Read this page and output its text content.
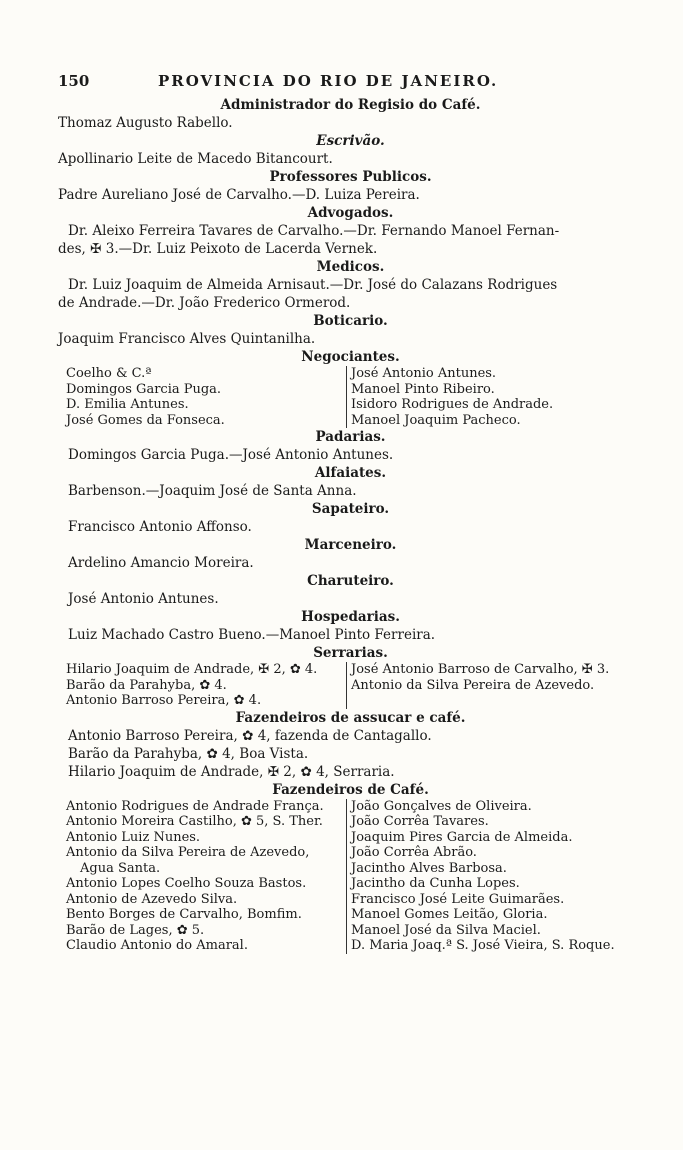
150	PROVINCIA DO RIO DE JANEIRO.
Administrador do Regisio do Café.
Thomaz Augusto Rabello.
Escrivão.
Apollinario Leite de Macedo Bitancourt.
Professores Publicos.
Padre Aureliano José de Carvalho.—D. Luiza Pereira.
Advogados.
Dr. Aleixo Ferreira Tavares de Carvalho.—Dr. Fernando Manoel Fernan-
des, ✠ 3.—Dr. Luiz Peixoto de Lacerda Vernek.
Medicos.
Dr. Luiz Joaquim de Almeida Arnisaut.—Dr. José do Calazans Rodrigues
de Andrade.—Dr. João Frederico Ormerod.
Boticario.
Joaquim Francisco Alves Quintanilha.
Negociantes.
Coelho & C.ª
Domingos Garcia Puga.
D. Emilia Antunes.
José Gomes da Fonseca.
José Antonio Antunes.
Manoel Pinto Ribeiro.
Isidoro Rodrigues de Andrade.
Manoel Joaquim Pacheco.
Padarias.
Domingos Garcia Puga.—José Antonio Antunes.
Alfaiates.
Barbenson.—Joaquim José de Santa Anna.
Sapateiro.
Francisco Antonio Affonso.
Marceneiro.
Ardelino Amancio Moreira.
Charuteiro.
José Antonio Antunes.
Hospedarias.
Luiz Machado Castro Bueno.—Manoel Pinto Ferreira.
Serrarias.
Hilario Joaquim de Andrade, ✠ 2, ✿ 4.
Barão da Parahyba, ✿ 4.
Antonio Barroso Pereira, ✿ 4.
José Antonio Barroso de Carvalho, ✠ 3.
Antonio da Silva Pereira de Azevedo.
Fazendeiros de assucar e café.
Antonio Barroso Pereira, ✿ 4, fazenda de Cantagallo.
Barão da Parahyba, ✿ 4, Boa Vista.
Hilario Joaquim de Andrade, ✠ 2, ✿ 4, Serraria.
Fazendeiros de Café.
Antonio Rodrigues de Andrade França.
Antonio Moreira Castilho, ✿ 5, S. Ther.
Antonio Luiz Nunes.
Antonio da Silva Pereira de Azevedo,
Agua Santa.
Antonio Lopes Coelho Souza Bastos.
Antonio de Azevedo Silva.
Bento Borges de Carvalho, Bomfim.
Barão de Lages, ✿ 5.
Claudio Antonio do Amaral.
João Gonçalves de Oliveira.
João Corrêa Tavares.
Joaquim Pires Garcia de Almeida.
João Corrêa Abrão.
Jacintho Alves Barbosa.
Jacintho da Cunha Lopes.
Francisco José Leite Guimarães.
Manoel Gomes Leitão, Gloria.
Manoel José da Silva Maciel.
D. Maria Joaq.ª S. José Vieira, S. Roque.
